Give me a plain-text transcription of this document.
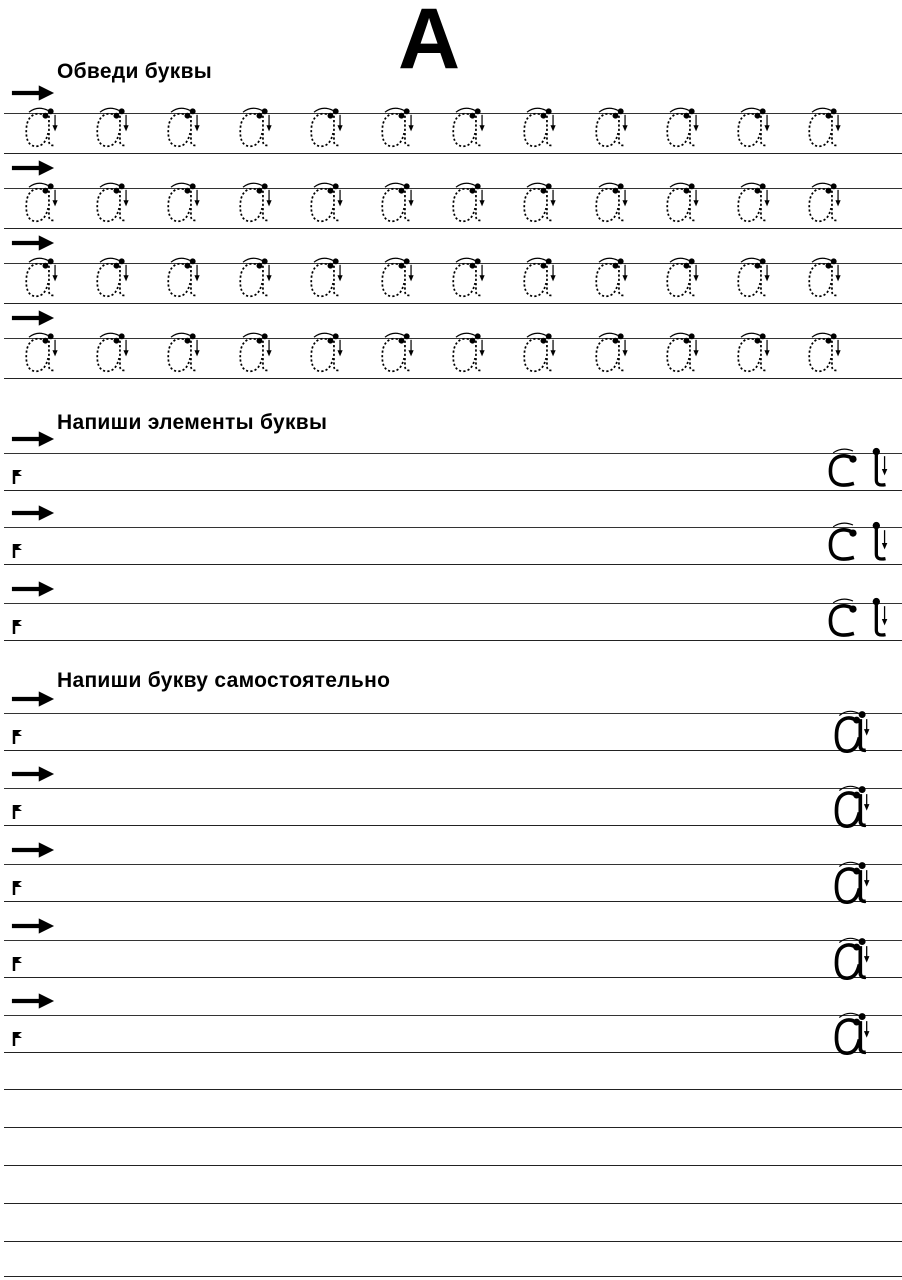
А
Обведи буквы
Напиши элементы буквы
Напиши букву самостоятельно
